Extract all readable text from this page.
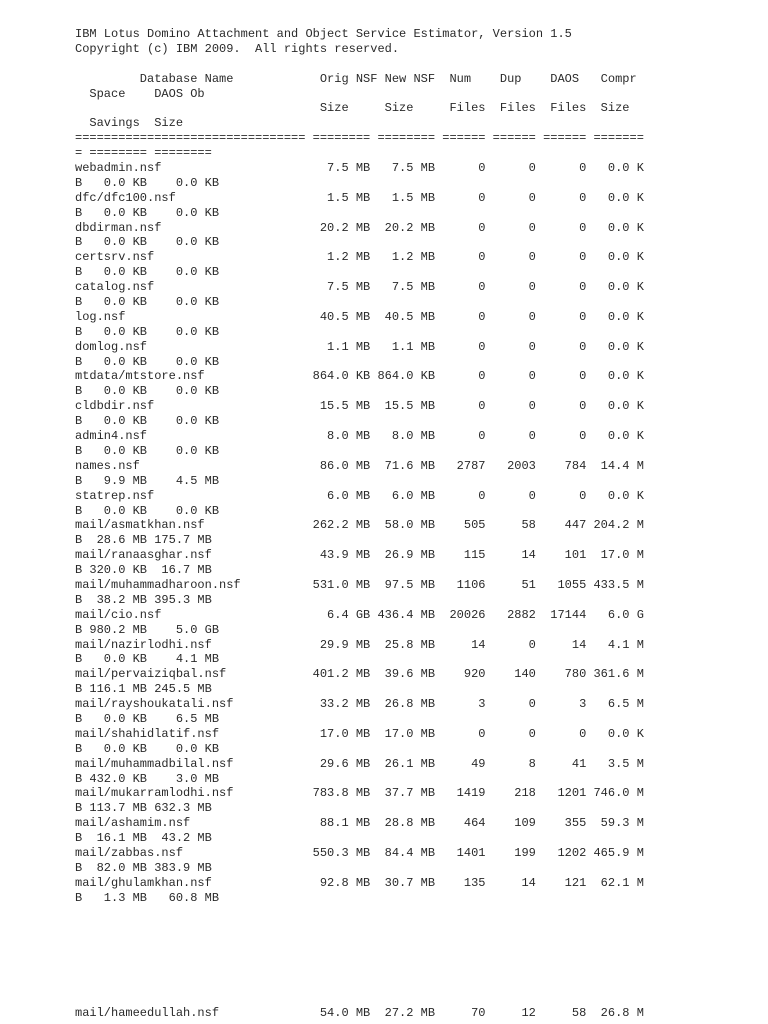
IBM Lotus Domino Attachment and Object Service Estimator, Version 1.5
Copyright (c) IBM 2009.  All rights reserved.

Database Name            Orig NSF New NSF  Num    Dup    DAOS   Compr
Space    DAOS Ob
Size     Size     Files  Files  Files  Size
Savings  Size
================================ ======== ======== ====== ====== ====== =======
= ======== ========
webadmin.nsf                       7.5 MB   7.5 MB      0      0      0   0.0 K
B   0.0 KB    0.0 KB
dfc/dfc100.nsf                     1.5 MB   1.5 MB      0      0      0   0.0 K
B   0.0 KB    0.0 KB
dbdirman.nsf                      20.2 MB  20.2 MB      0      0      0   0.0 K
B   0.0 KB    0.0 KB
certsrv.nsf                        1.2 MB   1.2 MB      0      0      0   0.0 K
B   0.0 KB    0.0 KB
catalog.nsf                        7.5 MB   7.5 MB      0      0      0   0.0 K
B   0.0 KB    0.0 KB
log.nsf                           40.5 MB  40.5 MB      0      0      0   0.0 K
B   0.0 KB    0.0 KB
domlog.nsf                         1.1 MB   1.1 MB      0      0      0   0.0 K
B   0.0 KB    0.0 KB
mtdata/mtstore.nsf               864.0 KB 864.0 KB      0      0      0   0.0 K
B   0.0 KB    0.0 KB
cldbdir.nsf                       15.5 MB  15.5 MB      0      0      0   0.0 K
B   0.0 KB    0.0 KB
admin4.nsf                         8.0 MB   8.0 MB      0      0      0   0.0 K
B   0.0 KB    0.0 KB
names.nsf                         86.0 MB  71.6 MB   2787   2003    784  14.4 M
B   9.9 MB    4.5 MB
statrep.nsf                        6.0 MB   6.0 MB      0      0      0   0.0 K
B   0.0 KB    0.0 KB
mail/asmatkhan.nsf               262.2 MB  58.0 MB    505     58    447 204.2 M
B  28.6 MB 175.7 MB
mail/ranaasghar.nsf               43.9 MB  26.9 MB    115     14    101  17.0 M
B 320.0 KB  16.7 MB
mail/muhammadharoon.nsf          531.0 MB  97.5 MB   1106     51   1055 433.5 M
B  38.2 MB 395.3 MB
mail/cio.nsf                       6.4 GB 436.4 MB  20026   2882  17144   6.0 G
B 980.2 MB    5.0 GB
mail/nazirlodhi.nsf               29.9 MB  25.8 MB     14      0     14   4.1 M
B   0.0 KB    4.1 MB
mail/pervaiziqbal.nsf            401.2 MB  39.6 MB    920    140    780 361.6 M
B 116.1 MB 245.5 MB
mail/rayshoukatali.nsf            33.2 MB  26.8 MB      3      0      3   6.5 M
B   0.0 KB    6.5 MB
mail/shahidlatif.nsf              17.0 MB  17.0 MB      0      0      0   0.0 K
B   0.0 KB    0.0 KB
mail/muhammadbilal.nsf            29.6 MB  26.1 MB     49      8     41   3.5 M
B 432.0 KB    3.0 MB
mail/mukarramlodhi.nsf           783.8 MB  37.7 MB   1419    218   1201 746.0 M
B 113.7 MB 632.3 MB
mail/ashamim.nsf                  88.1 MB  28.8 MB    464    109    355  59.3 M
B  16.1 MB  43.2 MB
mail/zabbas.nsf                  550.3 MB  84.4 MB   1401    199   1202 465.9 M
B  82.0 MB 383.9 MB
mail/ghulamkhan.nsf               92.8 MB  30.7 MB    135     14    121  62.1 M
B   1.3 MB   60.8 MB
mail/hameedullah.nsf              54.0 MB  27.2 MB     70     12     58  26.8 M
